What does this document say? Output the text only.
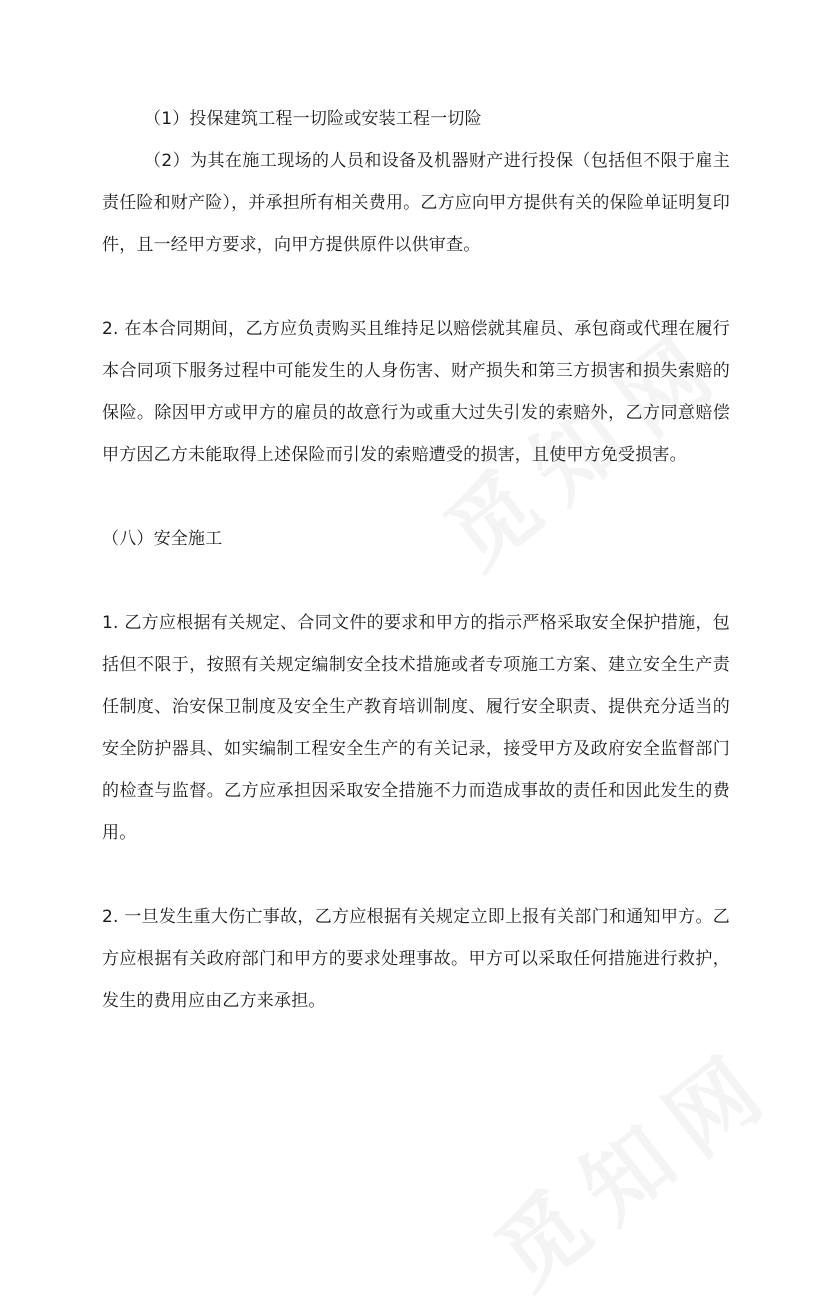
（1）投保建筑工程一切险或安装工程一切险

（2）为其在施工现场的人员和设备及机器财产进行投保（包括但不限于雇主责任险和财产险），并承担所有相关费用。乙方应向甲方提供有关的保险单证明复印件，且一经甲方要求，向甲方提供原件以供审查。

2. 在本合同期间，乙方应负责购买且维持足以赔偿就其雇员、承包商或代理在履行本合同项下服务过程中可能发生的人身伤害、财产损失和第三方损害和损失索赔的保险。除因甲方或甲方的雇员的故意行为或重大过失引发的索赔外，乙方同意赔偿甲方因乙方未能取得上述保险而引发的索赔遭受的损害，且使甲方免受损害。

（八）安全施工

1. 乙方应根据有关规定、合同文件的要求和甲方的指示严格采取安全保护措施，包括但不限于，按照有关规定编制安全技术措施或者专项施工方案、建立安全生产责任制度、治安保卫制度及安全生产教育培训制度、履行安全职责、提供充分适当的安全防护器具、如实编制工程安全生产的有关记录，接受甲方及政府安全监督部门的检查与监督。乙方应承担因采取安全措施不力而造成事故的责任和因此发生的费用。

2. 一旦发生重大伤亡事故，乙方应根据有关规定立即上报有关部门和通知甲方。乙方应根据有关政府部门和甲方的要求处理事故。甲方可以采取任何措施进行救护，发生的费用应由乙方来承担。
